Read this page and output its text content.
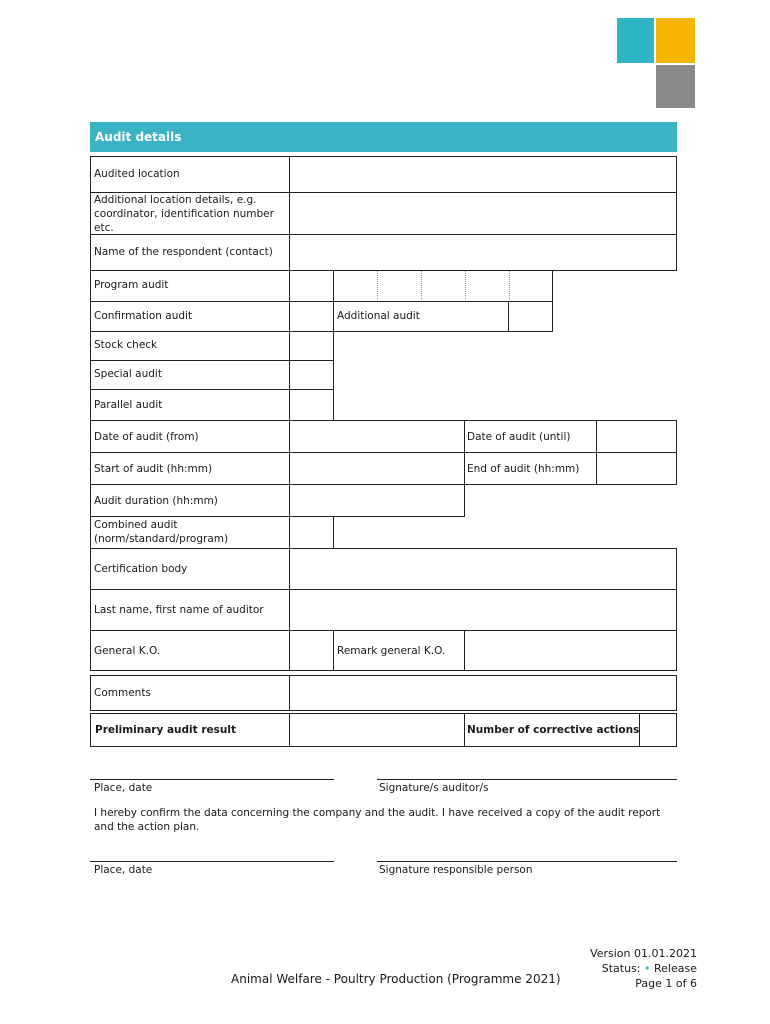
Audit details
Audited location
Additional location details, e.g. coordinator, identification number etc.
Name of the respondent (contact)
Program audit
Confirmation audit	Additional audit
Stock check
Special audit
Parallel audit
Date of audit (from)	Date of audit (until)
Start of audit (hh:mm)	End of audit (hh:mm)
Audit duration (hh:mm)
Combined audit (norm/standard/program)
Certification body
Last name, first name of auditor
General K.O.	Remark general K.O.
Comments
Preliminary audit result	Number of corrective actions
Place, date	Signature/s auditor/s
I hereby confirm the data concerning the company and the audit. I have received a copy of the audit report and the action plan.
Place, date	Signature responsible person
Animal Welfare - Poultry Production (Programme 2021)
Version 01.01.2021
Status: • Release
Page 1 of 6
